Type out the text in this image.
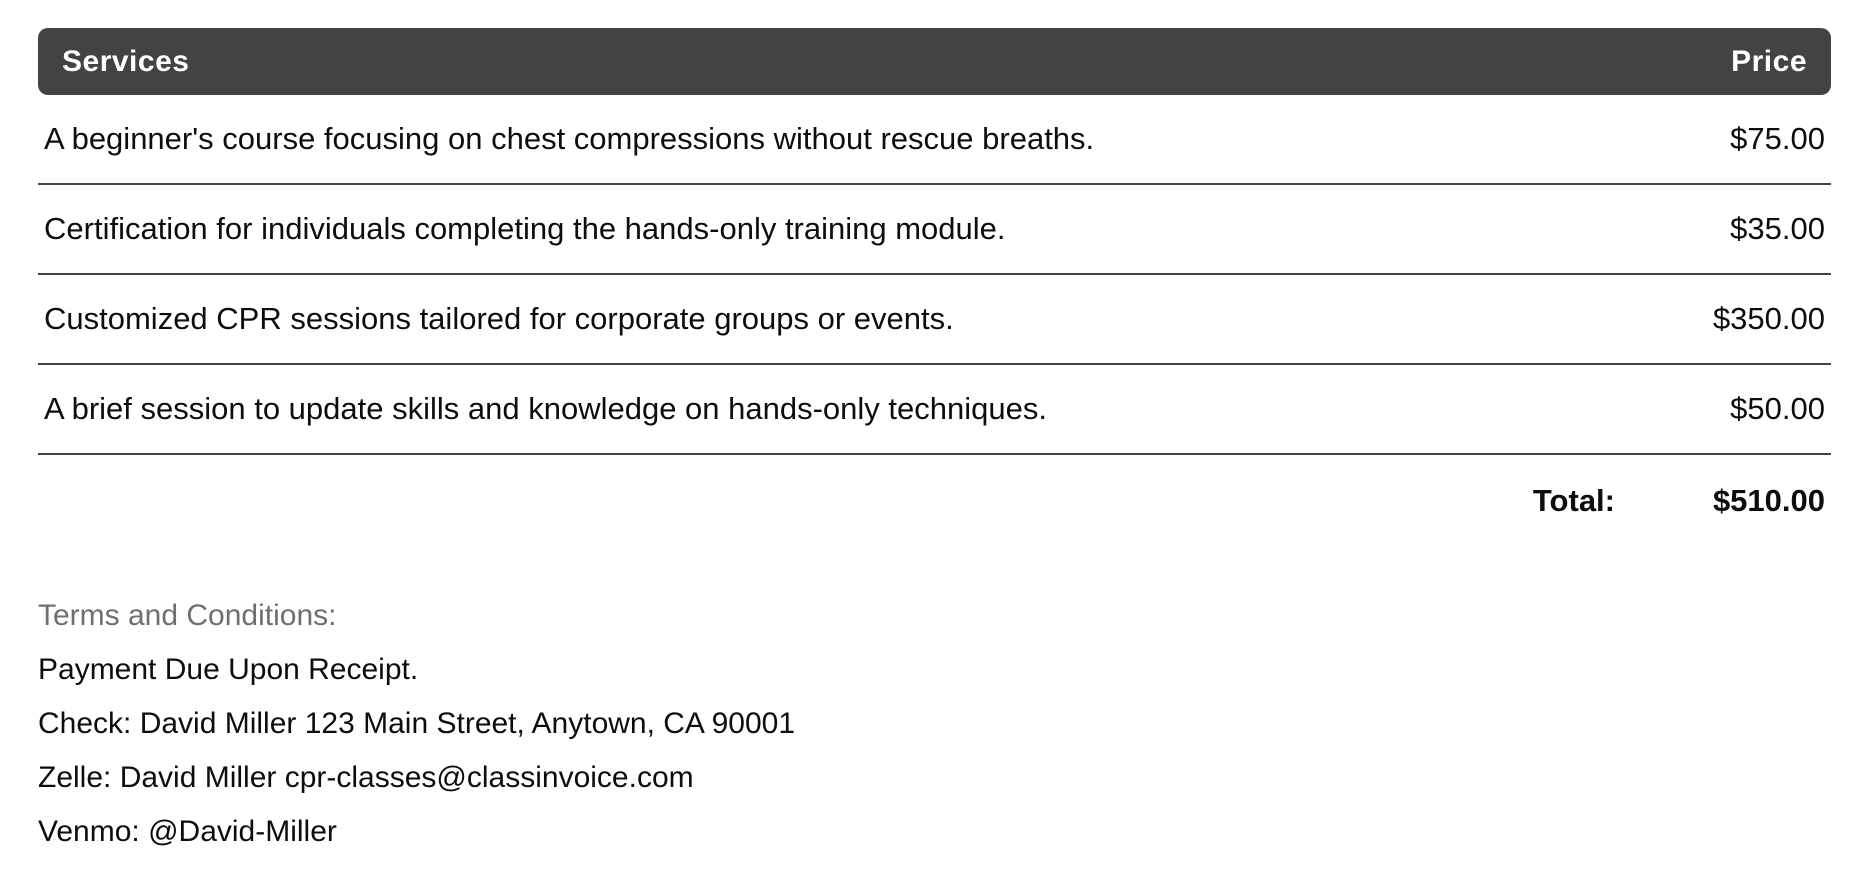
Services	Price
A beginner's course focusing on chest compressions without rescue breaths.	$75.00
Certification for individuals completing the hands-only training module.	$35.00
Customized CPR sessions tailored for corporate groups or events.	$350.00
A brief session to update skills and knowledge on hands-only techniques.	$50.00
Total:	$510.00
Terms and Conditions:
Payment Due Upon Receipt.
Check: David Miller 123 Main Street, Anytown, CA 90001
Zelle: David Miller cpr-classes@classinvoice.com
Venmo: @David-Miller
